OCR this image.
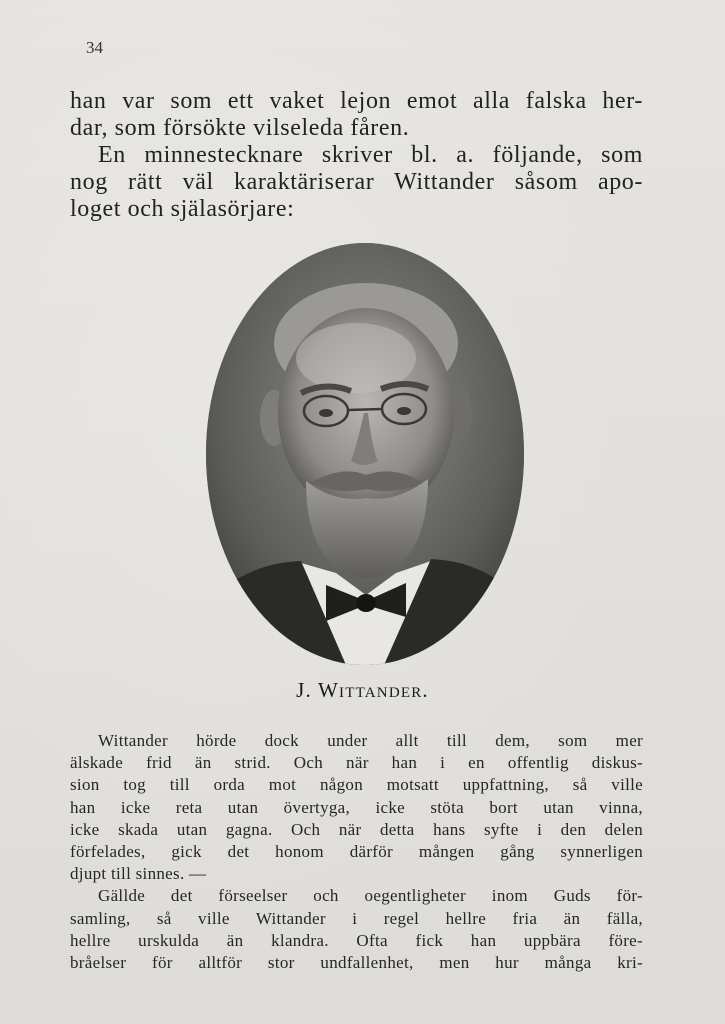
34
han var som ett vaket lejon emot alla falska her-
dar, som försökte vilseleda fåren.
En minnestecknare skriver bl. a. följande, som
nog rätt väl karaktäriserar Wittander såsom apo-
loget och själasörjare:
J. Wittander.
Wittander hörde dock under allt till dem, som mer
älskade frid än strid. Och när han i en offentlig diskus-
sion tog till orda mot någon motsatt uppfattning, så ville
han icke reta utan övertyga, icke stöta bort utan vinna,
icke skada utan gagna. Och när detta hans syfte i den delen
förfelades, gick det honom därför mången gång synnerligen
djupt till sinnes. —
Gällde det förseelser och oegentligheter inom Guds för-
samling, så ville Wittander i regel hellre fria än fälla,
hellre urskulda än klandra. Ofta fick han uppbära före-
bråelser för alltför stor undfallenhet, men hur många kri-
